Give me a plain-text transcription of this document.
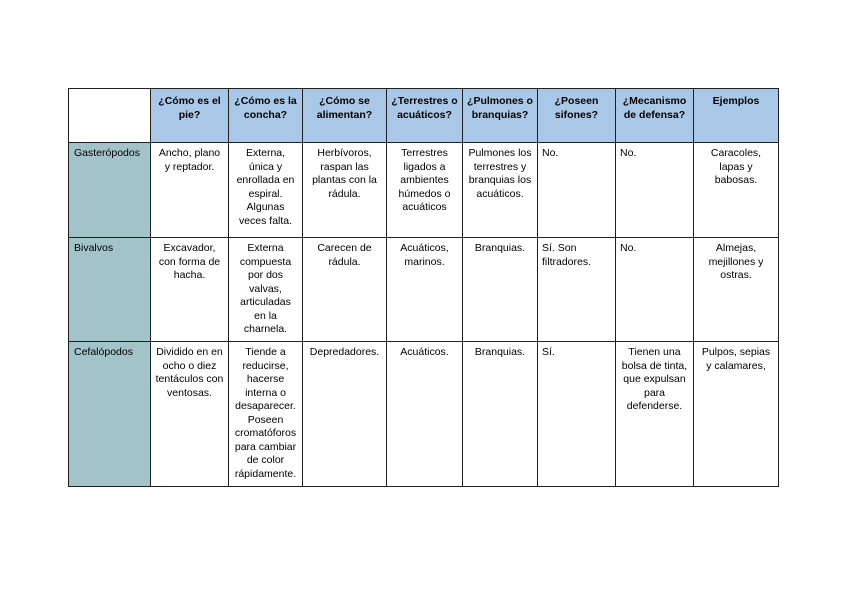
	¿Cómo es el pie?	¿Cómo es la concha?	¿Cómo se alimentan?	¿Terrestres o acuáticos?	¿Pulmones o branquias?	¿Poseen sifones?	¿Mecanismo de defensa?	Ejemplos
Gasterópodos	Ancho, plano y reptador.	Externa, única y enrollada en espiral. Algunas veces falta.	Herbívoros, raspan las plantas con la rádula.	Terrestres ligados a ambientes húmedos o acuáticos	Pulmones los terrestres y branquias los acuáticos.	No.	No.	Caracoles, lapas y babosas.
Bivalvos	Excavador, con forma de hacha.	Externa compuesta por dos valvas, articuladas en la charnela.	Carecen de rádula.	Acuáticos, marinos.	Branquias.	Sí. Son filtradores.	No.	Almejas, mejillones y ostras.
Cefalópodos	Dividido en en ocho o diez tentáculos con ventosas.	Tiende a reducirse, hacerse interna o desaparecer. Poseen cromatóforos para cambiar de color rápidamente.	Depredadores.	Acuáticos.	Branquias.	Sí.	Tienen una bolsa de tinta, que expulsan para defenderse.	Pulpos, sepias y calamares,
